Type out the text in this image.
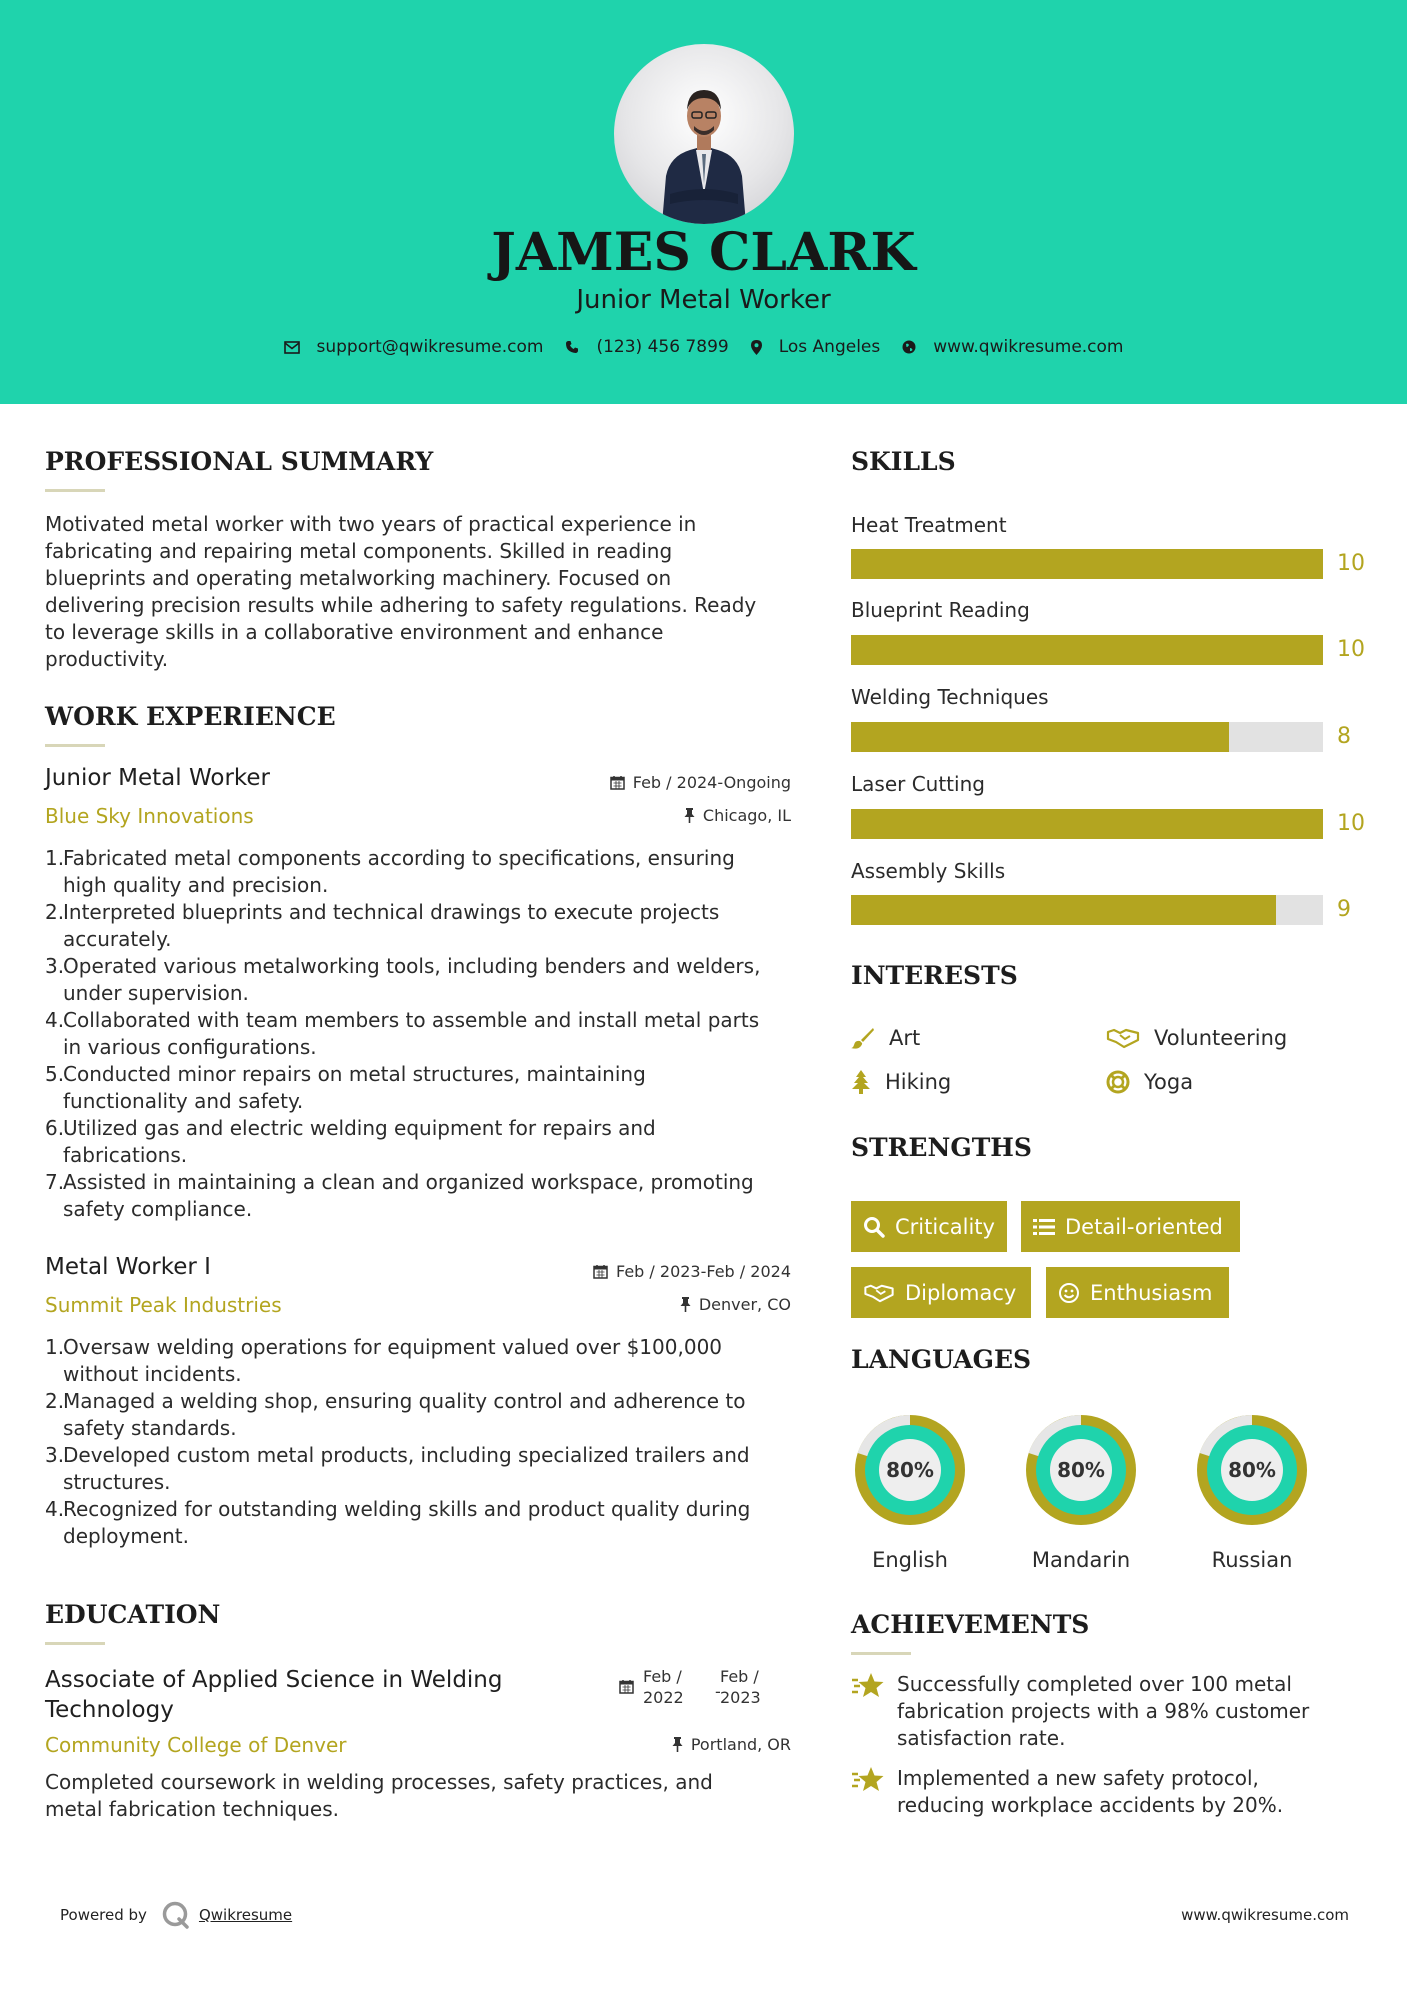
JAMES CLARK
Junior Metal Worker
support@qwikresume.com	(123) 456 7899	Los Angeles	www.qwikresume.com
PROFESSIONAL SUMMARY
Motivated metal worker with two years of practical experience in
fabricating and repairing metal components. Skilled in reading
blueprints and operating metalworking machinery. Focused on
delivering precision results while adhering to safety regulations. Ready
to leverage skills in a collaborative environment and enhance
productivity.
WORK EXPERIENCE
Junior Metal Worker	Feb / 2024-Ongoing
Blue Sky Innovations	Chicago, IL
1.
Fabricated metal components according to specifications, ensuring
high quality and precision.
2.
Interpreted blueprints and technical drawings to execute projects
accurately.
3.
Operated various metalworking tools, including benders and welders,
under supervision.
4.
Collaborated with team members to assemble and install metal parts
in various configurations.
5.
Conducted minor repairs on metal structures, maintaining
functionality and safety.
6.
Utilized gas and electric welding equipment for repairs and
fabrications.
7.
Assisted in maintaining a clean and organized workspace, promoting
safety compliance.
Metal Worker I	Feb / 2023-Feb / 2024
Summit Peak Industries	Denver, CO
1.
Oversaw welding operations for equipment valued over $100,000
without incidents.
2.
Managed a welding shop, ensuring quality control and adherence to
safety standards.
3.
Developed custom metal products, including specialized trailers and
structures.
4.
Recognized for outstanding welding skills and product quality during
deployment.
EDUCATION
Associate of Applied Science in Welding
Technology
Feb /
2022	-
Feb /
2023
Community College of Denver	Portland, OR
Completed coursework in welding processes, safety practices, and
metal fabrication techniques.
SKILLS
Heat Treatment
10
Blueprint Reading
10
Welding Techniques
8
Laser Cutting
10
Assembly Skills
9
INTERESTS
Art	Volunteering
Hiking	Yoga
STRENGTHS
Criticality	Detail-oriented
Diplomacy	Enthusiasm
LANGUAGES
80%
English
80%
Mandarin
80%
Russian
ACHIEVEMENTS
Successfully completed over 100 metal
fabrication projects with a 98% customer
satisfaction rate.
Implemented a new safety protocol,
reducing workplace accidents by 20%.
Powered by	Qwikresume	www.qwikresume.com
